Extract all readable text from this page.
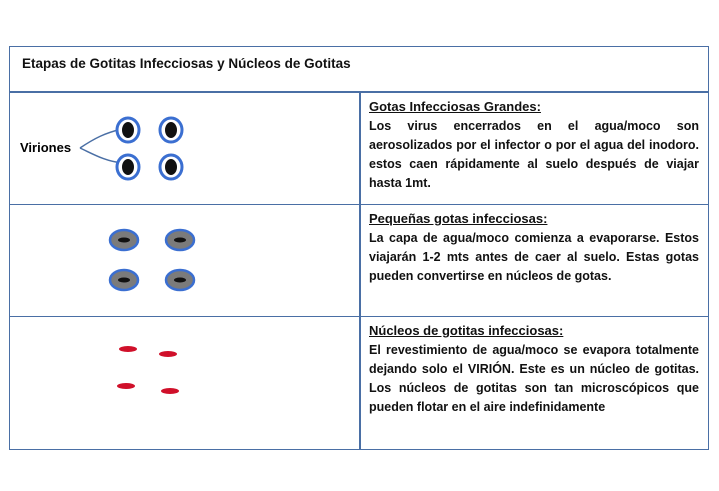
Etapas de Gotitas Infecciosas y Núcleos de Gotitas
Viriones

Gotas Infecciosas Grandes:

Los virus encerrados en el agua/moco son aerosolizados por el infector o por el agua del inodoro. estos caen rápidamente al suelo después de viajar hasta 1mt.

Pequeñas gotas infecciosas:

La capa de agua/moco comienza a evaporarse. Estos viajarán 1-2 mts antes de caer al suelo. Estas gotas pueden convertirse en núcleos de gotas.

Núcleos de gotitas infecciosas:

El revestimiento de agua/moco se evapora totalmente dejando solo el VIRIÓN. Este es un núcleo de gotitas. Los núcleos de gotitas son tan microscópicos que pueden flotar en el aire indefinidamente
